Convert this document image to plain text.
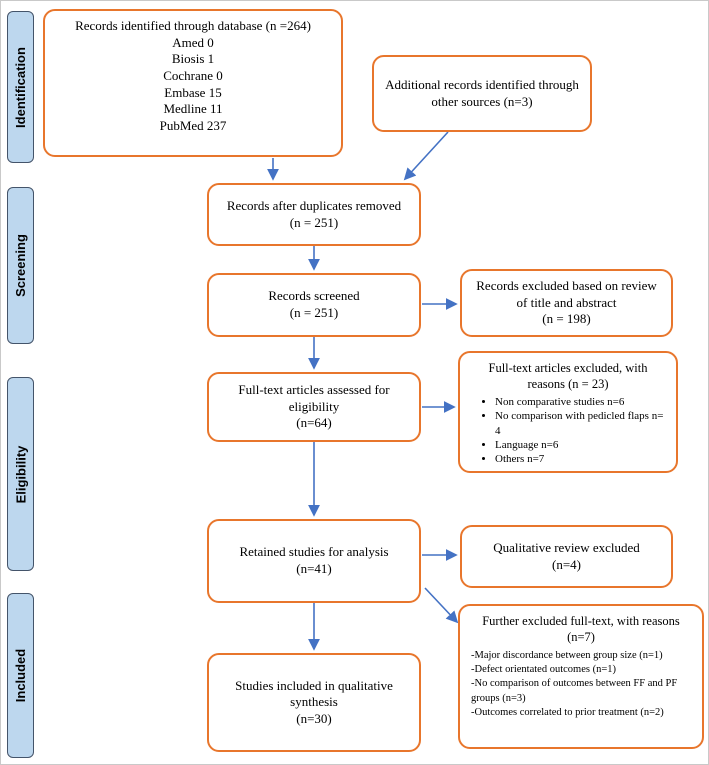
Identification
Screening
Eligibility
Included
Records identified through database (n =264)
Amed 0
Biosis 1
Cochrane 0
Embase 15
Medline 11
PubMed 237
Additional records identified through other sources (n=3)
Records after duplicates removed
(n = 251)
Records screened
(n = 251)
Records excluded based on review of title and abstract
(n = 198)
Full-text articles assessed for eligibility
(n=64)
Full-text articles excluded, with reasons (n = 23)
• Non comparative studies n=6
• No comparison with pedicled flaps n= 4
• Language n=6
• Others n=7
Retained studies for analysis
(n=41)
Qualitative review excluded
(n=4)
Studies included in qualitative synthesis
(n=30)
Further excluded full-text, with reasons (n=7)
-Major discordance between group size (n=1)
-Defect orientated outcomes (n=1)
-No comparison of outcomes between FF and PF groups (n=3)
-Outcomes correlated to prior treatment (n=2)
